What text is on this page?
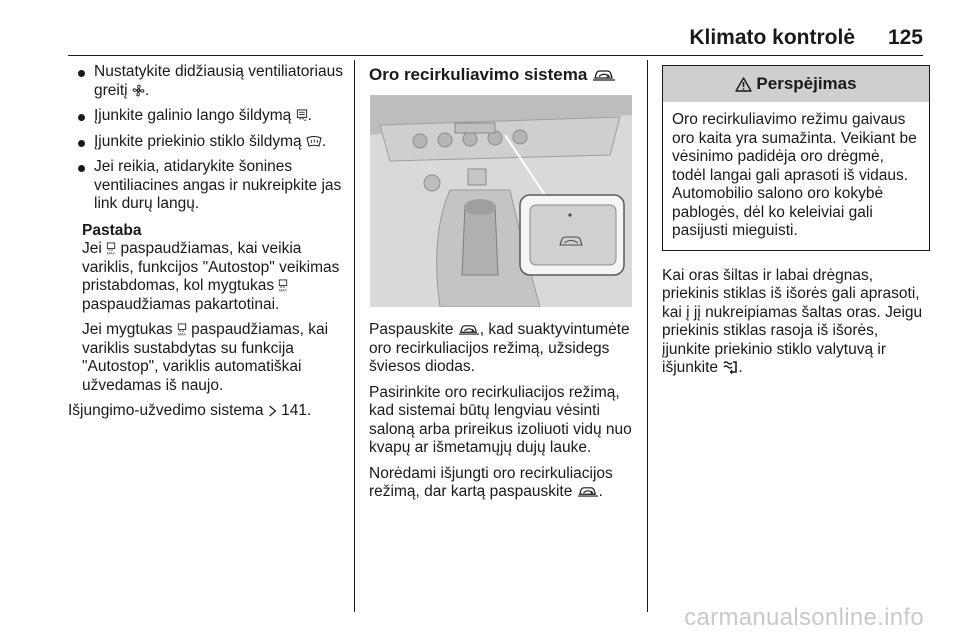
Klimato kontrolė 125
Nustatykite didžiausią ventiliatoriaus greitį .
Įjunkite galinio lango šildymą .
Įjunkite priekinio stiklo šildymą .
Jei reikia, atidarykite šonines ventiliacines angas ir nukreipkite jas link durų langų.
Pastaba
Jei MAX paspaudžiamas, kai veikia variklis, funkcijos "Autostop" veikimas pristabdomas, kol mygtukas MAX
paspaudžiamas pakartotinai.
Jei mygtukas MAX paspaudžiamas, kai variklis sustabdytas su funkcija "Autostop", variklis automatiškai užvedamas iš naujo.
Išjungimo-užvedimo sistema 141.
Oro recirkuliavimo sistema
Paspauskite , kad suaktyvintumėte oro recirkuliacijos režimą, užsidegs šviesos diodas.
Pasirinkite oro recirkuliacijos režimą, kad sistemai būtų lengviau vėsinti saloną arba prireikus izoliuoti vidų nuo kvapų ar išmetamųjų dujų lauke.
Norėdami išjungti oro recirkuliacijos režimą, dar kartą paspauskite .
Perspėjimas
Oro recirkuliavimo režimu gaivaus oro kaita yra sumažinta. Veikiant be vėsinimo padidėja oro drėgmė, todėl langai gali aprasoti iš vidaus. Automobilio salono oro kokybė pablogės, dėl ko keleiviai gali pasijusti mieguisti.
Kai oras šiltas ir labai drėgnas, priekinis stiklas iš išorės gali aprasoti, kai į jį nukreipiamas šaltas oras. Jeigu priekinis stiklas rasoja iš išorės, įjunkite priekinio stiklo valytuvą ir išjunkite .
carmanualsonline.info
